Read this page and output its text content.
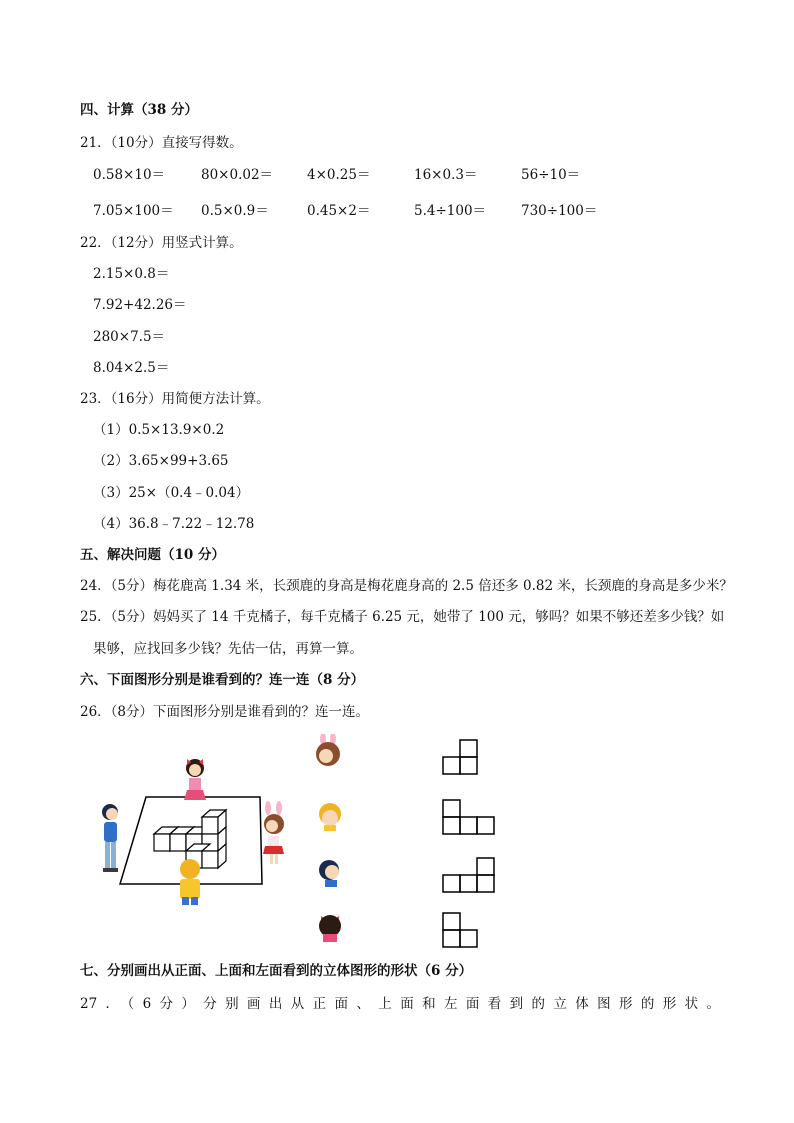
四、计算（38 分）
21．（10分）直接写得数。
0.58×10＝	80×0.02＝	4×0.25＝	16×0.3＝	56÷10＝
7.05×100＝ 0.5×0.9＝	0.45×2＝	5.4÷100＝	730÷100＝
22．（12分）用竖式计算。
2.15×0.8＝
7.92+42.26＝
280×7.5＝
8.04×2.5＝
23．（16分）用简便方法计算。
（1）0.5×13.9×0.2
（2）3.65×99+3.65
（3）25×（0.4﹣0.04）
（4）36.8﹣7.22﹣12.78
五、解决问题（10 分）
24．（5分）梅花鹿高 1.34 米，长颈鹿的身高是梅花鹿身高的 2.5 倍还多 0.82 米，长颈鹿的身高是多少米？
25．（5分）妈妈买了 14 千克橘子，每千克橘子 6.25 元，她带了 100 元，够吗？如果不够还差多少钱？如
果够，应找回多少钱？先估一估，再算一算。
六、下面图形分别是谁看到的？连一连（8 分）
26．（8分）下面图形分别是谁看到的？连一连。
七、分别画出从正面、上面和左面看到的立体图形的形状（6 分）
27．（6分）分别画出从正面、上面和左面看到的立体图形的形状。
